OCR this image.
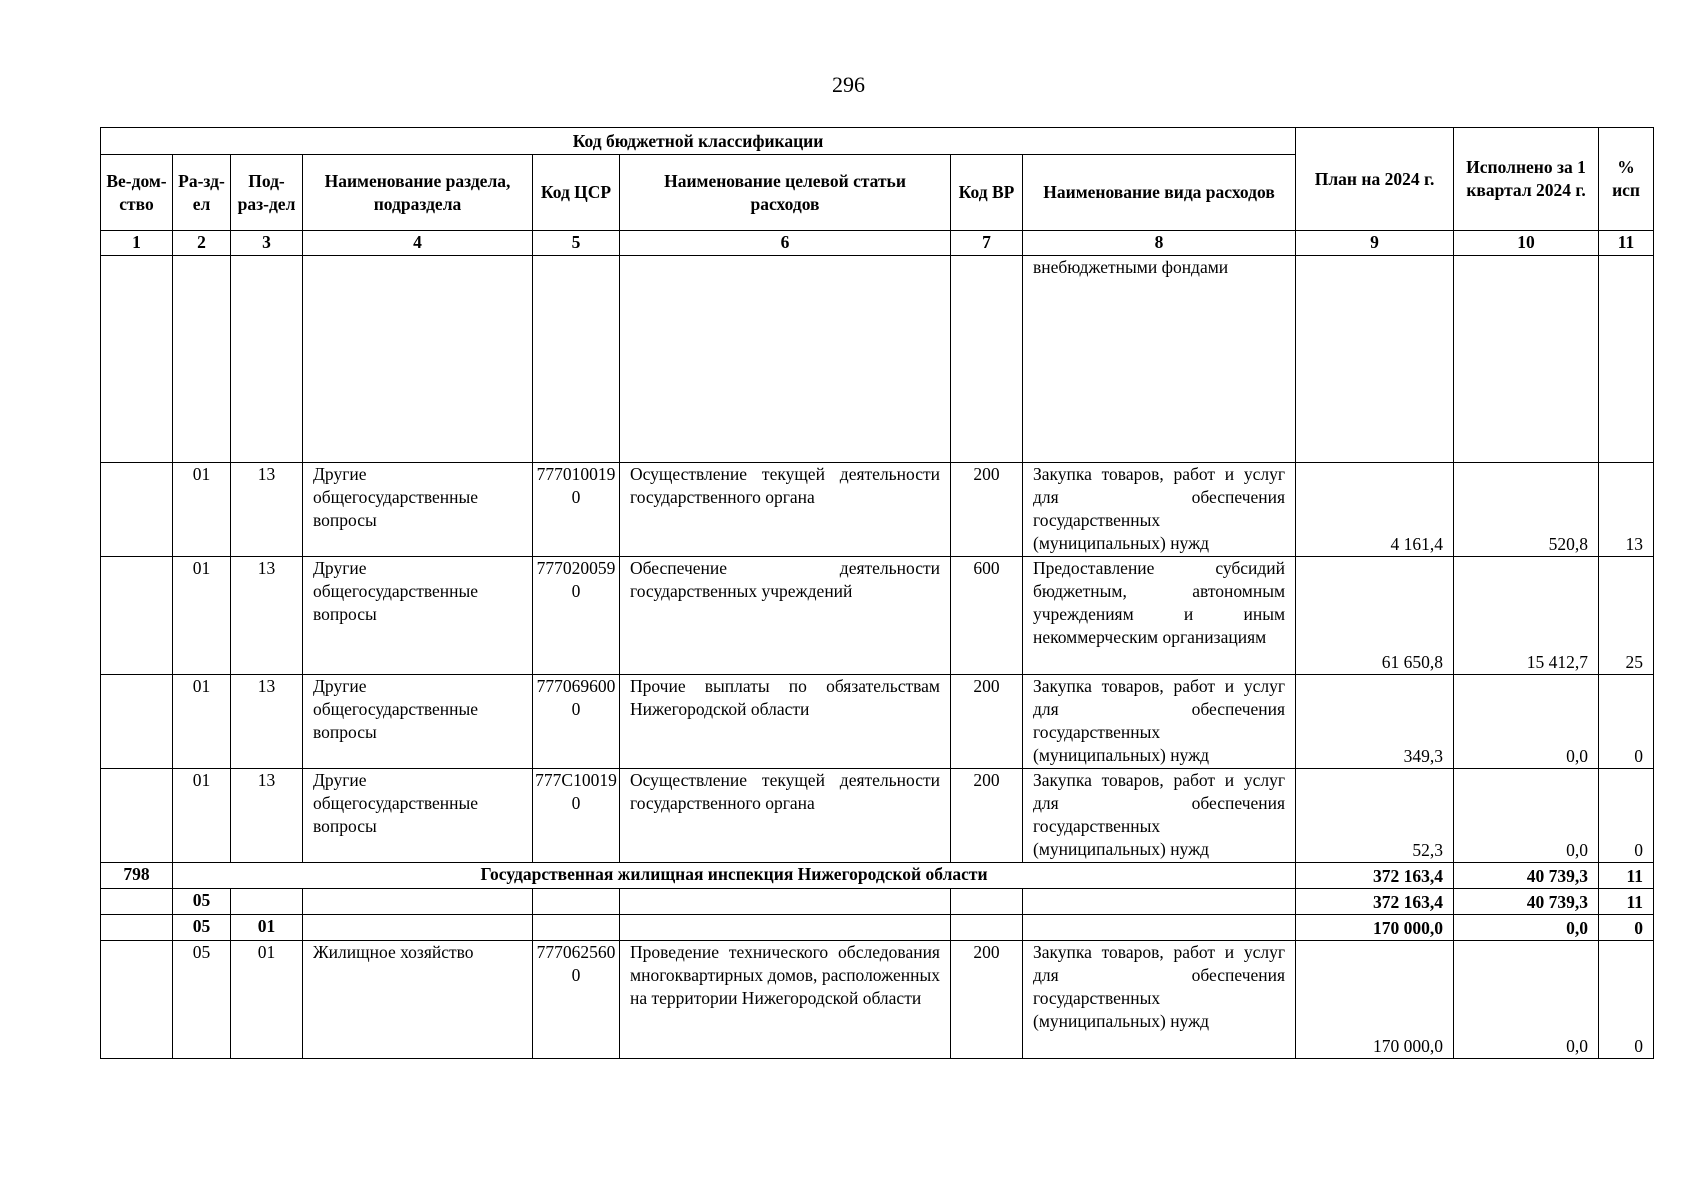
296
Код бюджетной классификации								План на 2024 г.	Исполнено за 1 квартал 2024 г.	% исп
Ве-дом-ство	Ра-зд-ел	Под-раз-дел	Наименование раздела, подраздела	Код ЦСР	Наименование целевой статьи расходов	Код ВР	Наименование вида расходов			
1	2	3	4	5	6	7	8	9	10	11
							внебюджетными фондами			
	01	13	Другие общегосударственные вопросы	7770100190	Осуществление текущей деятельности государственного органа	200	Закупка товаров, работ и услуг для обеспечения государственных (муниципальных) нужд	4 161,4	520,8	13
	01	13	Другие общегосударственные вопросы	7770200590	Обеспечение деятельности государственных учреждений	600	Предоставление субсидий бюджетным, автономным учреждениям и иным некоммерческим организациям	61 650,8	15 412,7	25
	01	13	Другие общегосударственные вопросы	7770696000	Прочие выплаты по обязательствам Нижегородской области	200	Закупка товаров, работ и услуг для обеспечения государственных (муниципальных) нужд	349,3	0,0	0
	01	13	Другие общегосударственные вопросы	777C100190	Осуществление текущей деятельности государственного органа	200	Закупка товаров, работ и услуг для обеспечения государственных (муниципальных) нужд	52,3	0,0	0
798	Государственная жилищная инспекция Нижегородской области							372 163,4	40 739,3	11
	05							372 163,4	40 739,3	11
	05	01						170 000,0	0,0	0
	05	01	Жилищное хозяйство	7770625600	Проведение технического обследования многоквартирных домов, расположенных на территории Нижегородской области	200	Закупка товаров, работ и услуг для обеспечения государственных (муниципальных) нужд	170 000,0	0,0	0
